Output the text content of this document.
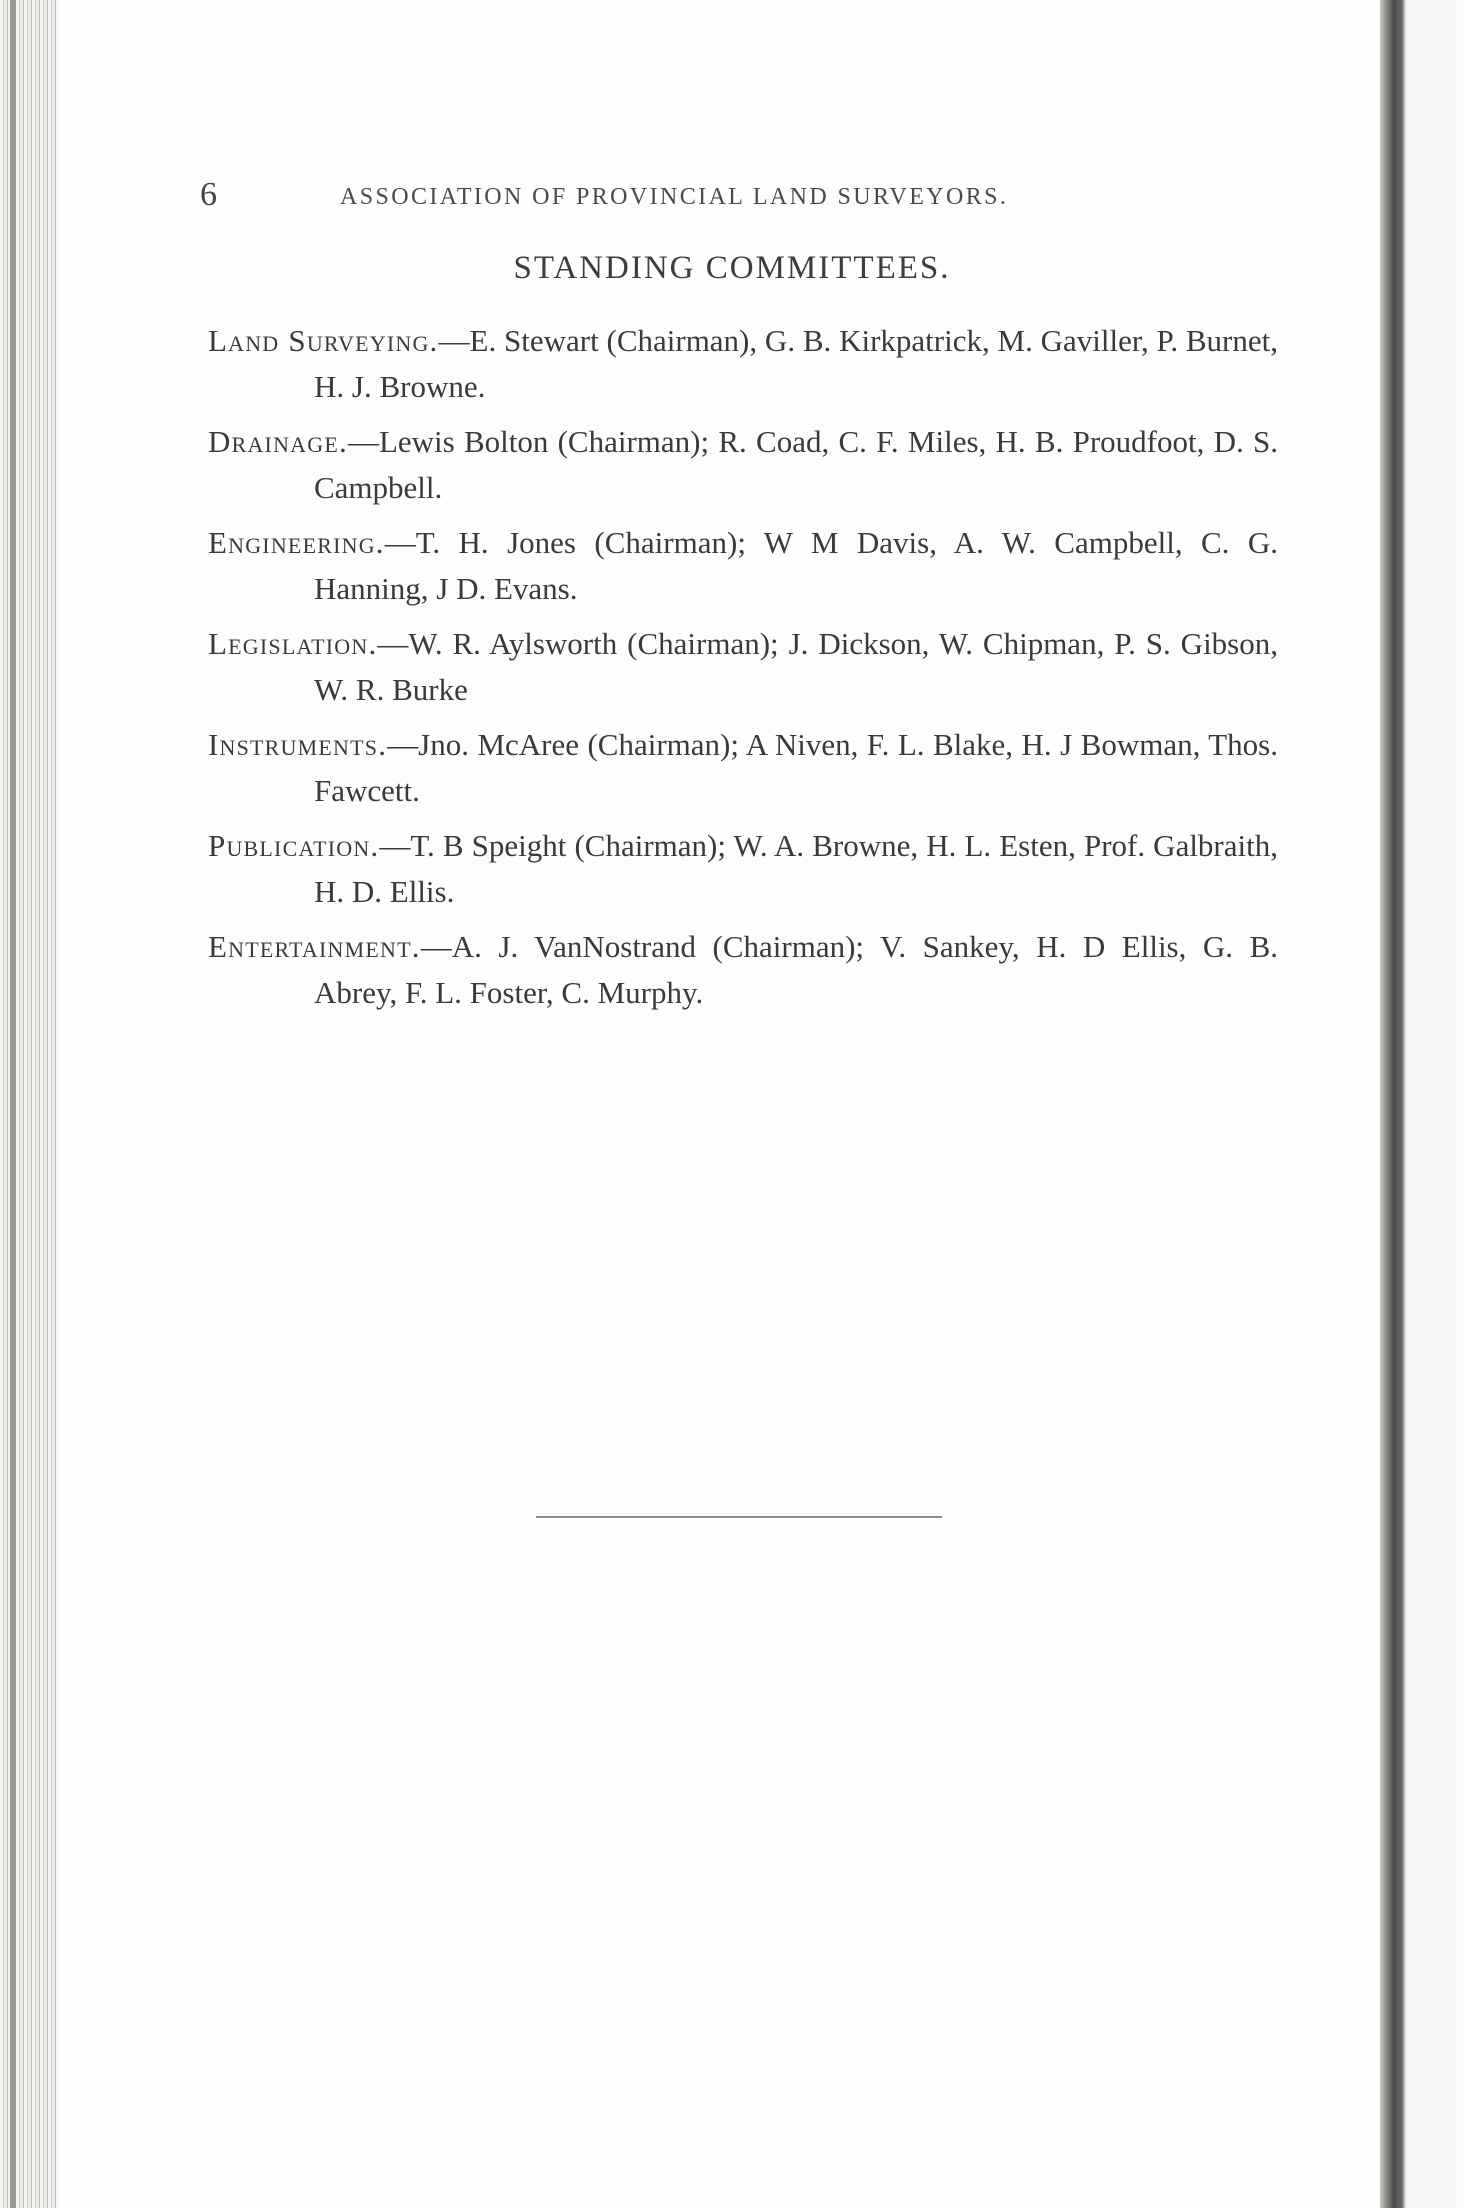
6	ASSOCIATION OF PROVINCIAL LAND SURVEYORS.
STANDING COMMITTEES.

Land Surveying.—E. Stewart (Chairman), G. B. Kirkpatrick, M. Gaviller, P. Burnet, H. J. Browne.

Drainage.—Lewis Bolton (Chairman); R. Coad, C. F. Miles, H. B. Proudfoot, D. S. Campbell.

Engineering.—T. H. Jones (Chairman); W M Davis, A. W. Campbell, C. G. Hanning, J D. Evans.

Legislation.—W. R. Aylsworth (Chairman); J. Dickson, W. Chipman, P. S. Gibson, W. R. Burke

Instruments.—Jno. McAree (Chairman); A Niven, F. L. Blake, H. J Bowman, Thos. Fawcett.

Publication.—T. B Speight (Chairman); W. A. Browne, H. L. Esten, Prof. Galbraith, H. D. Ellis.

Entertainment.—A. J. VanNostrand (Chairman); V. Sankey, H. D Ellis, G. B. Abrey, F. L. Foster, C. Murphy.
